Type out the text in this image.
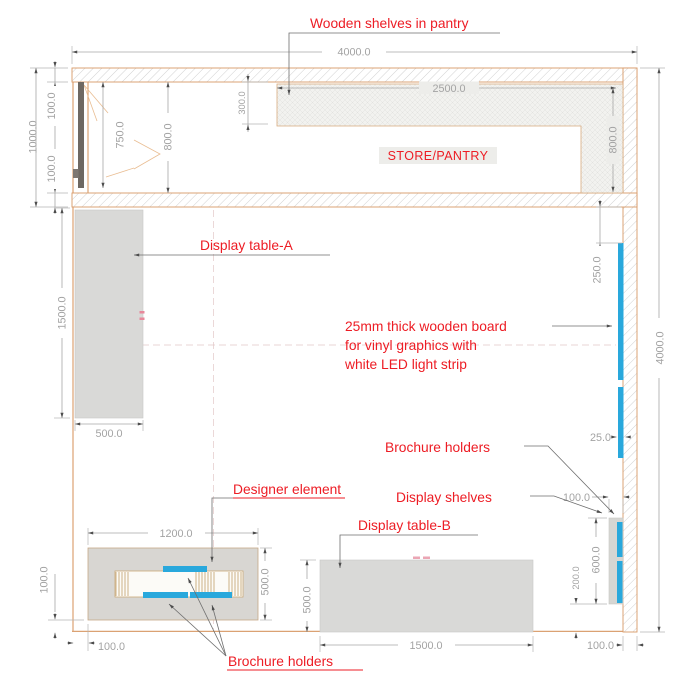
STORE/PANTRY
4000.0
4000.0
1000.0
100.0
100.0
750.0	800.0
300.0
2500.0
800.0
1500.0
500.0
250.0
25.0
100.0
600.0
200.0
100.0
1200.0
500.0
100.0
100.0	1500.0
500.0
Wooden shelves in pantry
Display table-A
25mm thick wooden board
for vinyl graphics with
white LED light strip
Brochure holders
Display shelves
Designer element
Display table-B
Brochure holders
